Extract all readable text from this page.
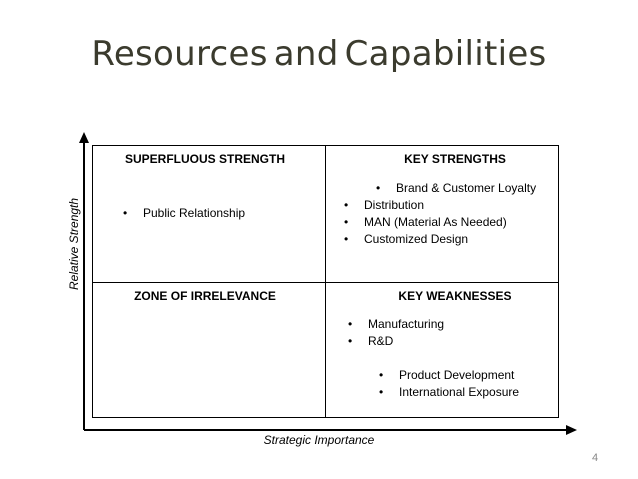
Resources and Capabilities
SUPERFLUOUS STRENGTH
• Public Relationship
KEY STRENGTHS
• Brand & Customer Loyalty
• Distribution
• MAN (Material As Needed)
• Customized Design
ZONE OF IRRELEVANCE	KEY WEAKNESSES
• Manufacturing
• R&D
• Product Development
• International Exposure
Relative Strength
Strategic Importance
4
